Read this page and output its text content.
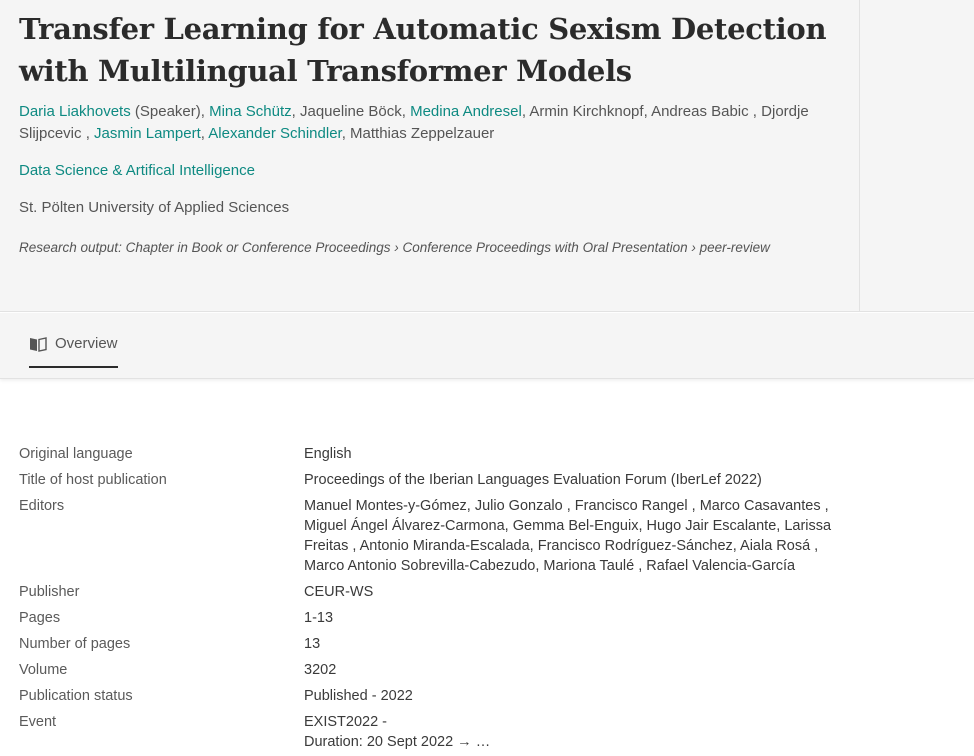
Transfer Learning for Automatic Sexism Detection with Multilingual Transformer Models

Daria Liakhovets (Speaker), Mina Schütz, Jaqueline Böck, Medina Andresel, Armin Kirchknopf, Andreas Babic , Djordje Slijpcevic , Jasmin Lampert, Alexander Schindler, Matthias Zeppelzauer

Data Science & Artifical Intelligence

St. Pölten University of Applied Sciences

Research output: Chapter in Book or Conference Proceedings › Conference Proceedings with Oral Presentation › peer-review

Overview
Original language	English
Title of host publication	Proceedings of the Iberian Languages Evaluation Forum (IberLef 2022)
Editors	Manuel Montes-y-Gómez, Julio Gonzalo , Francisco Rangel , Marco Casavantes , Miguel Ángel Álvarez-Carmona, Gemma Bel-Enguix, Hugo Jair Escalante, Larissa Freitas , Antonio Miranda-Escalada, Francisco Rodríguez-Sánchez, Aiala Rosá , Marco Antonio Sobrevilla-Cabezudo, Mariona Taulé , Rafael Valencia-García
Publisher	CEUR-WS
Pages	1-13
Number of pages	13
Volume	3202
Publication status	Published - 2022
Event	EXIST2022 -
Duration: 20 Sept 2022 → …
